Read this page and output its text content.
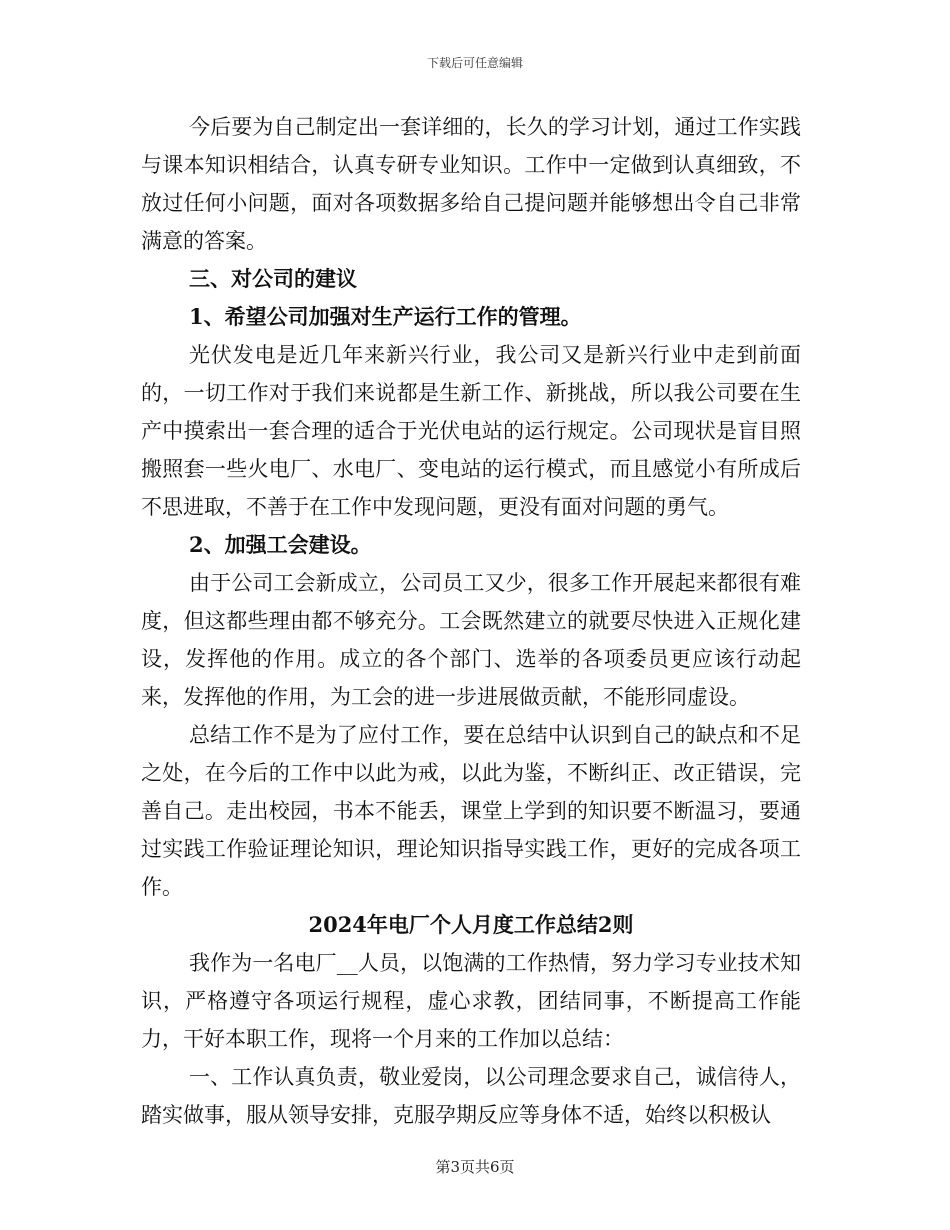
下载后可任意编辑

今后要为自己制定出一套详细的，长久的学习计划，通过工作实践与课本知识相结合，认真专研专业知识。工作中一定做到认真细致，不放过任何小问题，面对各项数据多给自己提问题并能够想出令自己非常满意的答案。

三、对公司的建议

1、希望公司加强对生产运行工作的管理。

光伏发电是近几年来新兴行业，我公司又是新兴行业中走到前面的，一切工作对于我们来说都是生新工作、新挑战，所以我公司要在生产中摸索出一套合理的适合于光伏电站的运行规定。公司现状是盲目照搬照套一些火电厂、水电厂、变电站的运行模式，而且感觉小有所成后不思进取，不善于在工作中发现问题，更没有面对问题的勇气。

2、加强工会建设。

由于公司工会新成立，公司员工又少，很多工作开展起来都很有难度，但这都些理由都不够充分。工会既然建立的就要尽快进入正规化建设，发挥他的作用。成立的各个部门、选举的各项委员更应该行动起来，发挥他的作用，为工会的进一步进展做贡献，不能形同虚设。

总结工作不是为了应付工作，要在总结中认识到自己的缺点和不足之处，在今后的工作中以此为戒，以此为鉴，不断纠正、改正错误，完善自己。走出校园，书本不能丢，课堂上学到的知识要不断温习，要通过实践工作验证理论知识，理论知识指导实践工作，更好的完成各项工作。

2024年电厂个人月度工作总结2则

我作为一名电厂__人员，以饱满的工作热情，努力学习专业技术知识，严格遵守各项运行规程，虚心求教，团结同事，不断提高工作能力，干好本职工作，现将一个月来的工作加以总结：

一、工作认真负责，敬业爱岗，以公司理念要求自己，诚信待人，踏实做事，服从领导安排，克服孕期反应等身体不适，始终以积极认

第3页共6页
